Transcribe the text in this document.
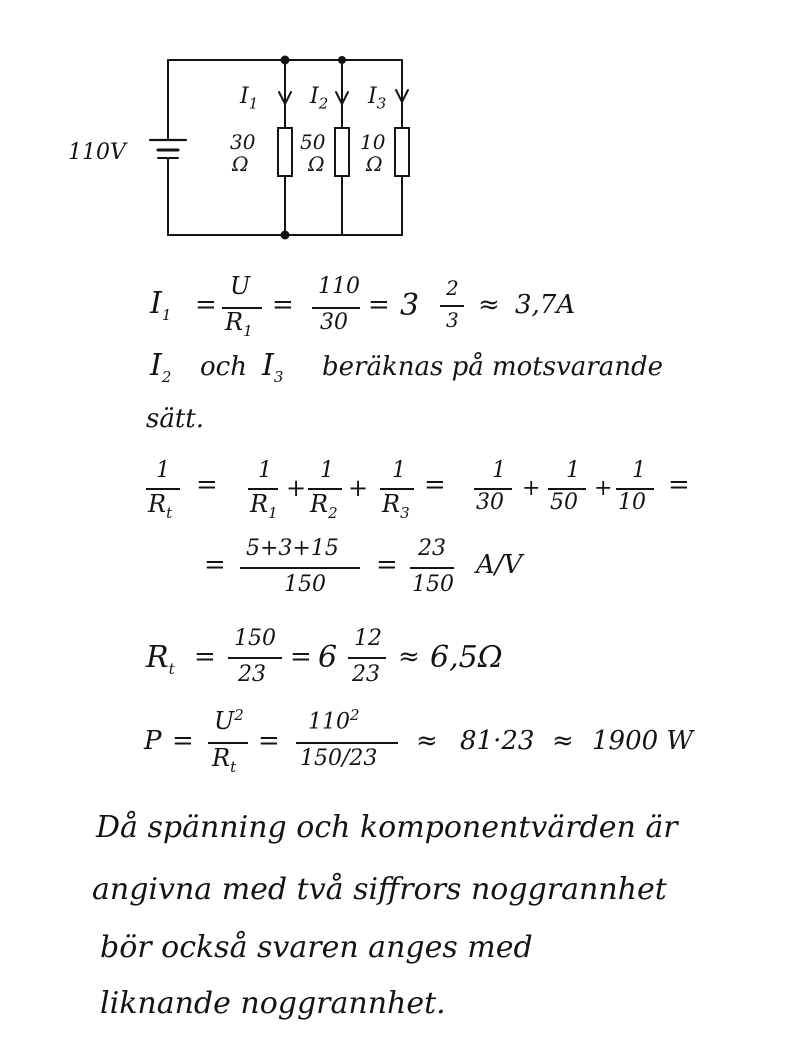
110V
$I_1$ $I_2$ $I_3$
30
Ω
50
Ω
10
Ω
$I_1$ =
U
$R_1$
=
110
30
= 3 2
3 ≈ 3,7A
$I_2$ och $I_3$ beräknas på motsvarande
sätt.
1
$R_t$
= 1
$R_1$
+
1
$R_2$
+
1
$R_3$
= 1
30
+
1
50
+
1
10
=
=
5+3+15
150
=
23
150
A/V
$R_t$ =
150
23
= 6
12
23
≈ 6,5Ω
P =
$U^2$
$R_t$
=
$110^2$
150/23
≈ 81·23 ≈ 1900 W
Då spänning och komponentvärden är
angivna med två siffrors noggrannhet
bör också svaren anges med
liknande noggrannhet.
